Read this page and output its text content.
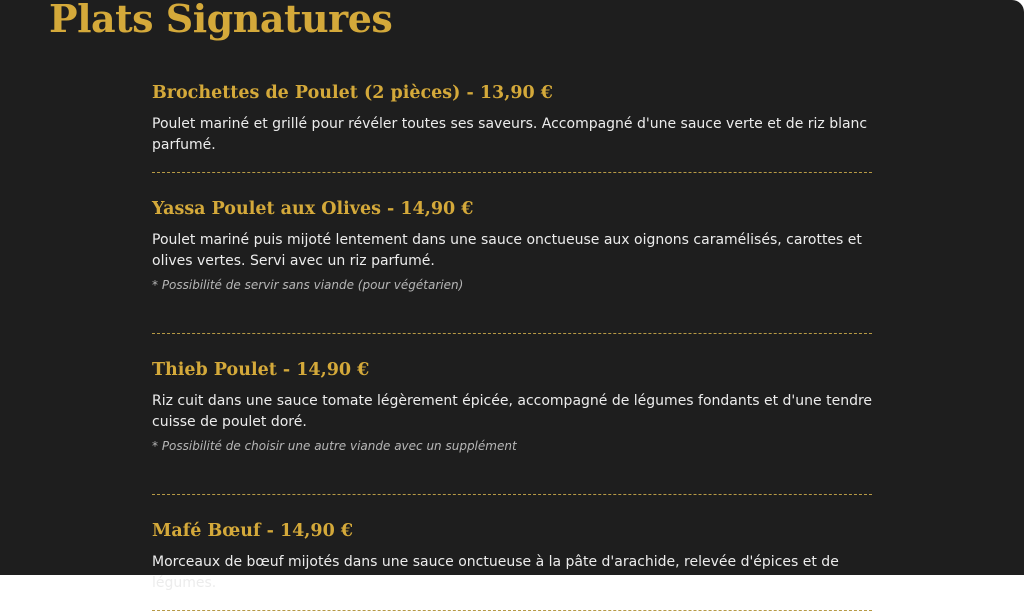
Plats Signatures
Brochettes de Poulet (2 pièces) - 13,90 €

Poulet mariné et grillé pour révéler toutes ses saveurs. Accompagné d'une sauce verte et de riz blanc parfumé.

Yassa Poulet aux Olives - 14,90 €

Poulet mariné puis mijoté lentement dans une sauce onctueuse aux oignons caramélisés, carottes et olives vertes. Servi avec un riz parfumé.

* Possibilité de servir sans viande (pour végétarien)

Thieb Poulet - 14,90 €

Riz cuit dans une sauce tomate légèrement épicée, accompagné de légumes fondants et d'une tendre cuisse de poulet doré.

* Possibilité de choisir une autre viande avec un supplément

Mafé Bœuf - 14,90 €

Morceaux de bœuf mijotés dans une sauce onctueuse à la pâte d'arachide, relevée d'épices et de légumes.
